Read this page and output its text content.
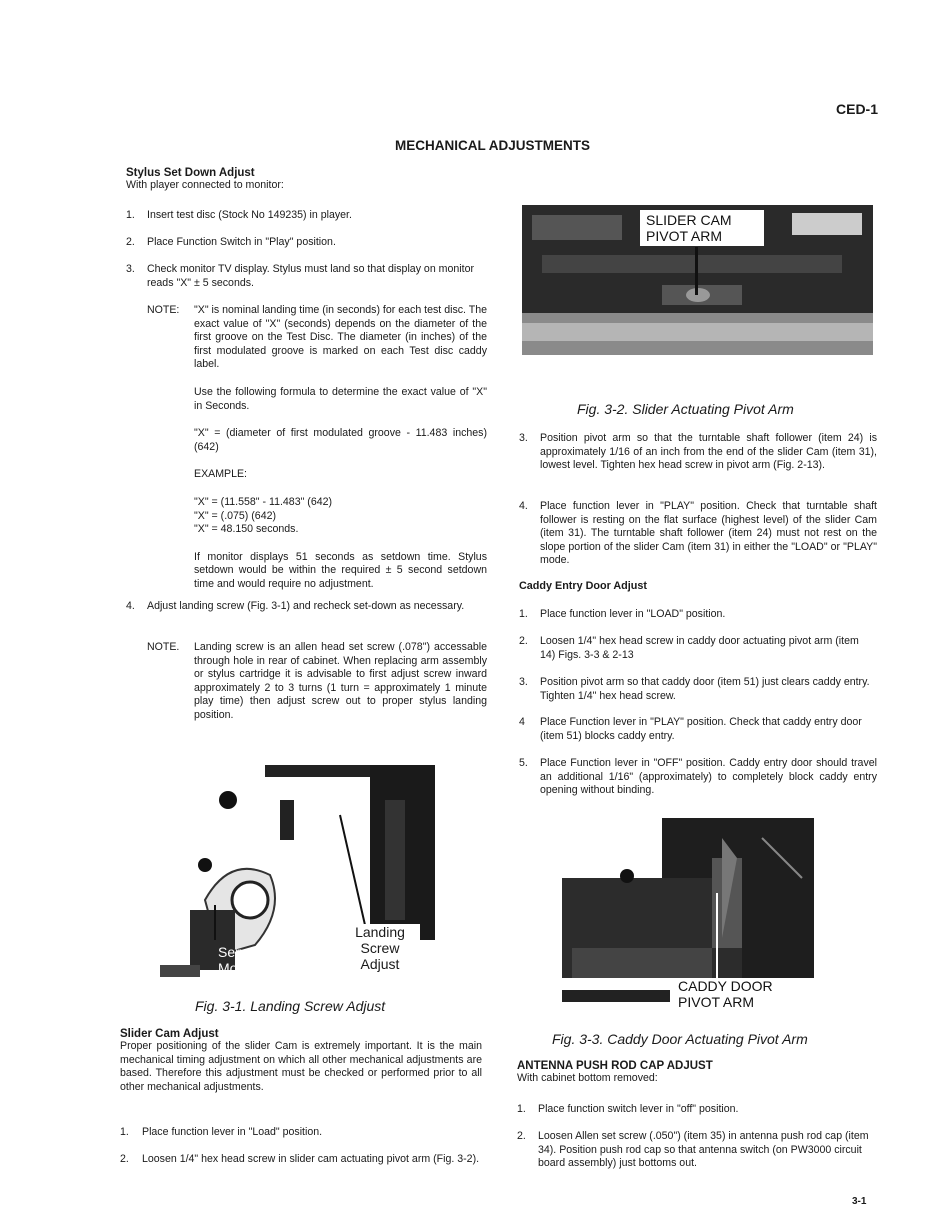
CED-1
MECHANICAL ADJUSTMENTS
Stylus Set Down Adjust
With player connected to monitor:
1. Insert test disc (Stock No 149235) in player.
2. Place Function Switch in "Play" position.
3. Check monitor TV display. Stylus must land so that display on monitor reads "X" ± 5 seconds.
NOTE: "X" is nominal landing time (in seconds) for each test disc. The exact value of "X" (seconds) depends on the diameter of the first groove on the Test Disc. The diameter (in inches) of the first modulated groove is marked on each Test disc caddy label.
Use the following formula to determine the exact value of "X" in Seconds.
"X" = (diameter of first modulated groove - 11.483 inches) (642)
EXAMPLE:
"X" = (11.558" - 11.483" (642)
"X" = (.075) (642)
"X" = 48.150 seconds.
If monitor displays 51 seconds as setdown time. Stylus setdown would be within the required ± 5 second setdown time and would require no adjustment.
4. Adjust landing screw (Fig. 3-1) and recheck set-down as necessary.
NOTE. Landing screw is an allen head set screw (.078") accessable through hole in rear of cabinet. When replacing arm assembly or stylus cartridge it is advisable to first adjust screw inward approximately 2 to 3 turns (1 turn = approximately 1 minute play time) then adjust screw out to proper stylus landing position.
Landing Screw Adjust
Servo Motor
Fig. 3-1. Landing Screw Adjust
Slider Cam Adjust
Proper positioning of the slider Cam is extremely important. It is the main mechanical timing adjustment on which all other mechanical adjustments are based. Therefore this adjustment must be checked or performed prior to all other mechanical adjustments.
1. Place function lever in "Load" position.
2. Loosen 1/4" hex head screw in slider cam actuating pivot arm (Fig. 3-2).
SLIDER CAM PIVOT ARM
Fig. 3-2. Slider Actuating Pivot Arm
3. Position pivot arm so that the turntable shaft follower (item 24) is approximately 1/16 of an inch from the end of the slider Cam (item 31), lowest level. Tighten hex head screw in pivot arm (Fig. 2-13).
4. Place function lever in "PLAY" position. Check that turntable shaft follower is resting on the flat surface (highest level) of the slider Cam (item 31). The turntable shaft follower (item 24) must not rest on the slope portion of the slider Cam (item 31) in either the "LOAD" or "PLAY" mode.
Caddy Entry Door Adjust
1. Place function lever in "LOAD" position.
2. Loosen 1/4" hex head screw in caddy door actuating pivot arm (item 14) Figs. 3-3 & 2-13
3. Position pivot arm so that caddy door (item 51) just clears caddy entry. Tighten 1/4" hex head screw.
4 Place Function lever in "PLAY" position. Check that caddy entry door (item 51) blocks caddy entry.
5. Place Function lever in "OFF" position. Caddy entry door should travel an additional 1/16" (approximately) to completely block caddy entry opening without binding.
CADDY DOOR PIVOT ARM
Fig. 3-3. Caddy Door Actuating Pivot Arm
ANTENNA PUSH ROD CAP ADJUST
With cabinet bottom removed:
1. Place function switch lever in "off" position.
2. Loosen Allen set screw (.050") (item 35) in antenna push rod cap (item 34). Position push rod cap so that antenna switch (on PW3000 circuit board assembly) just bottoms out.
3-1
